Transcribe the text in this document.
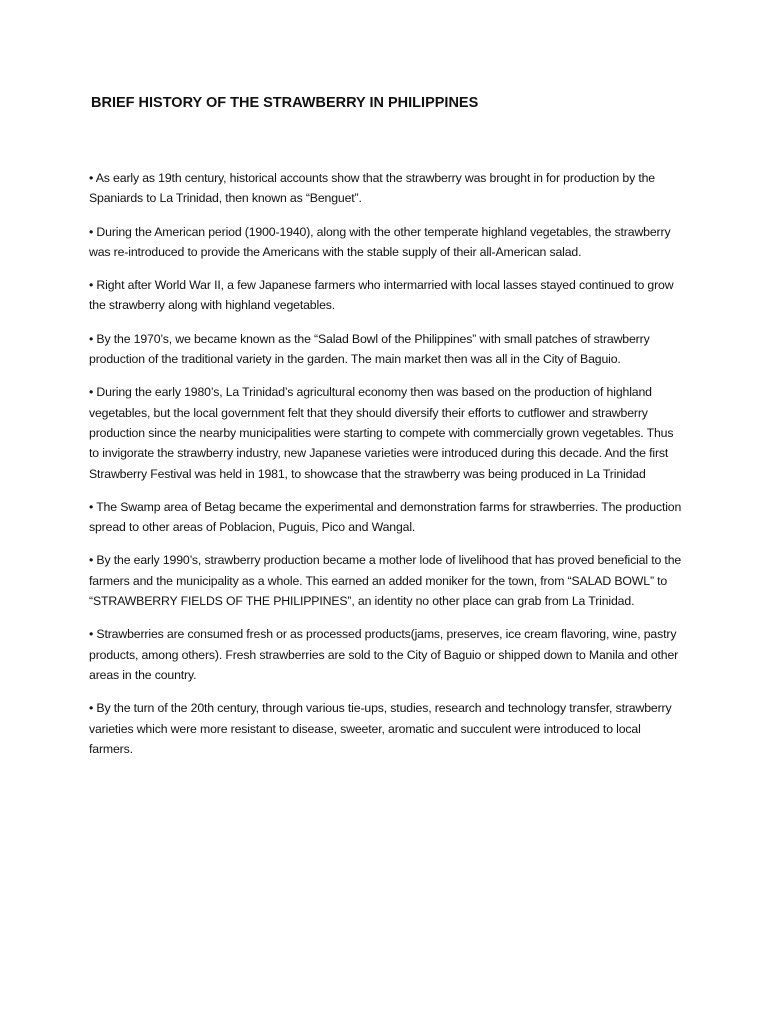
BRIEF HISTORY OF THE STRAWBERRY IN PHILIPPINES

• As early as 19th century, historical accounts show that the strawberry was brought in for production by the Spaniards to La Trinidad, then known as “Benguet”.

• During the American period (1900-1940), along with the other temperate highland vegetables, the strawberry was re-introduced to provide the Americans with the stable supply of their all-American salad.

• Right after World War II, a few Japanese farmers who intermarried with local lasses stayed continued to grow the strawberry along with highland vegetables.

• By the 1970’s, we became known as the “Salad Bowl of the Philippines” with small patches of strawberry production of the traditional variety in the garden. The main market then was all in the City of Baguio.

• During the early 1980’s, La Trinidad’s agricultural economy then was based on the production of highland vegetables, but the local government felt that they should diversify their efforts to cutflower and strawberry production since the nearby municipalities were starting to compete with commercially grown vegetables. Thus to invigorate the strawberry industry, new Japanese varieties were introduced during this decade. And the first Strawberry Festival was held in 1981, to showcase that the strawberry was being produced in La Trinidad

• The Swamp area of Betag became the experimental and demonstration farms for strawberries. The production spread to other areas of Poblacion, Puguis, Pico and Wangal.

• By the early 1990’s, strawberry production became a mother lode of livelihood that has proved beneficial to the farmers and the municipality as a whole. This earned an added moniker for the town, from “SALAD BOWL” to “STRAWBERRY FIELDS OF THE PHILIPPINES”, an identity no other place can grab from La Trinidad.

• Strawberries are consumed fresh or as processed products(jams, preserves, ice cream flavoring, wine, pastry products, among others). Fresh strawberries are sold to the City of Baguio or shipped down to Manila and other areas in the country.

• By the turn of the 20th century, through various tie-ups, studies, research and technology transfer, strawberry varieties which were more resistant to disease, sweeter, aromatic and succulent were introduced to local farmers.
